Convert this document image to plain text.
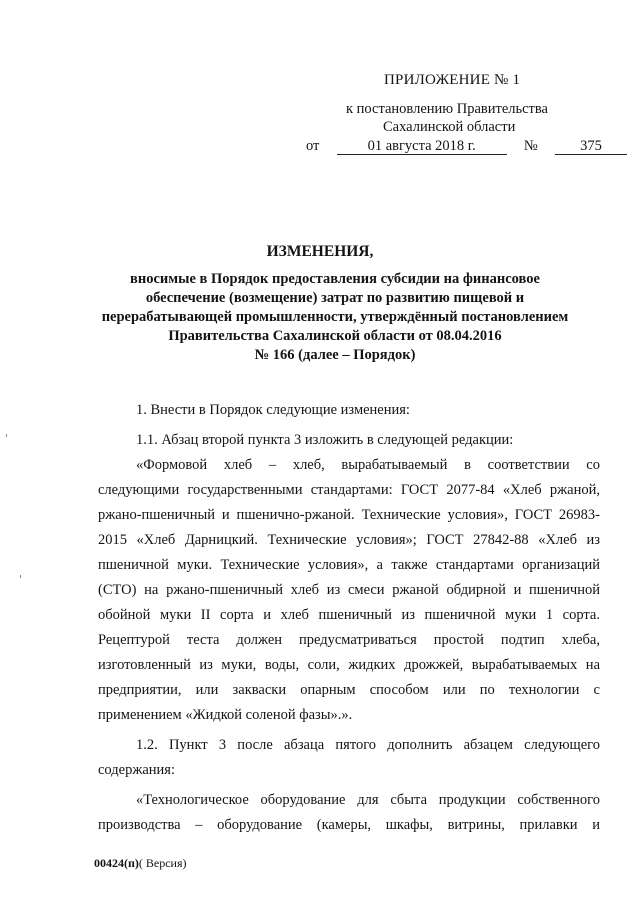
ПРИЛОЖЕНИЕ № 1
к постановлению Правительства
Сахалинской области
от	01 августа 2018 г.	№	375
ИЗМЕНЕНИЯ,
вносимые в Порядок предоставления субсидии на финансовое
обеспечение (возмещение) затрат по развитию пищевой и
перерабатывающей промышленности, утверждённый постановлением
Правительства Сахалинской области от 08.04.2016
№ 166 (далее – Порядок)
1. Внести в Порядок следующие изменения:
1.1. Абзац второй пункта 3 изложить в следующей редакции:
«Формовой хлеб – хлеб, вырабатываемый в соответствии со
следующими государственными стандартами: ГОСТ 2077-84 «Хлеб ржаной,
ржано-пшеничный и пшенично-ржаной. Технические условия», ГОСТ 26983-
2015 «Хлеб Дарницкий. Технические условия»; ГОСТ 27842-88 «Хлеб из
пшеничной муки. Технические условия», а также стандартами организаций
(СТО) на ржано-пшеничный хлеб из смеси ржаной обдирной и пшеничной
обойной муки II сорта и хлеб пшеничный из пшеничной муки 1 сорта.
Рецептурой теста должен предусматриваться простой подтип хлеба,
изготовленный из муки, воды, соли, жидких дрожжей, вырабатываемых на
предприятии, или закваски опарным способом или по технологии с
применением «Жидкой соленой фазы».».
1.2. Пункт 3 после абзаца пятого дополнить абзацем следующего
содержания:
«Технологическое оборудование для сбыта продукции собственного
производства – оборудование (камеры, шкафы, витрины, прилавки и
00424(п)( Версия)
